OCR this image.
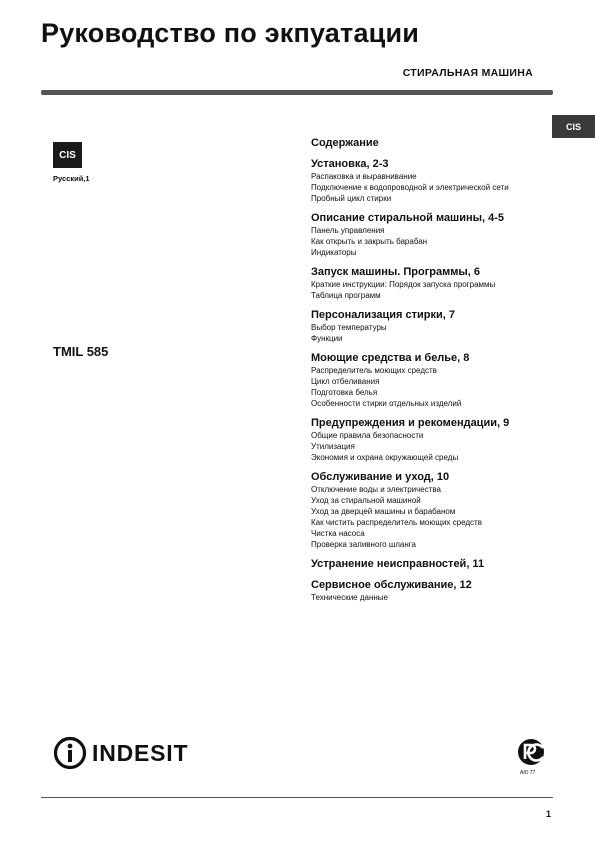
Руководство по экпуатации
СТИРАЛЬНАЯ МАШИНА
CIS
CIS
Русский,1
TMIL 585
Содержание
Установка, 2-3
Распаковка и выравнивание
Подключение к водопроводной и электрической сети
Пробный цикл стирки
Описание стиральной машины, 4-5
Панель управления
Как открыть и закрыть барабан
Индикаторы
Запуск машины. Программы, 6
Краткие инструкции: Порядок запуска программы
Таблица программ
Персонализация стирки, 7
Выбор температуры
Функции
Моющие средства и белье, 8
Распределитель моющих средств
Цикл отбеливания
Подготовка белья
Особенности стирки отдельных изделий
Предупреждения и рекомендации, 9
Общие правила безопасности
Утилизация
Экономия и охрана окружающей среды
Обслуживание и уход, 10
Отключение воды и электричества
Уход за стиральной машиной
Уход за дверцей машины и барабаном
Как чистить распределитель моющих средств
Чистка насоса
Проверка заливного шланга
Устранение неисправностей, 11
Сервисное обслуживание, 12
Технические данные
INDESIT
АЮ 77
1
